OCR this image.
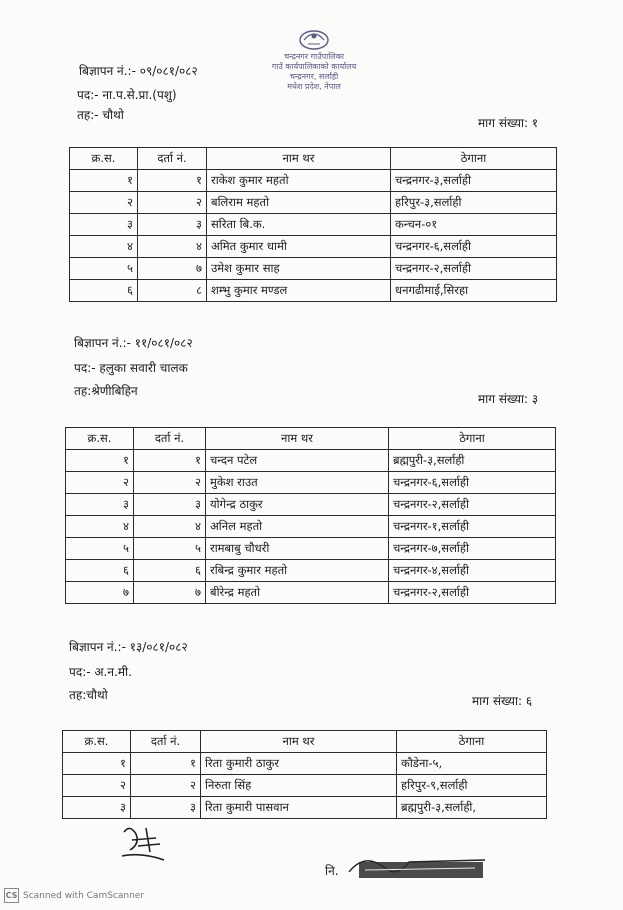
चन्द्रनगर गाउँपालिका
गाउँ कार्यपालिकाको कार्यालय
चन्द्रनगर, सर्लाही
मधेश प्रदेश, नेपाल
बिज्ञापन नं.:- ०९/०८१/०८२
पद:- ना.प.से.प्रा.(पशु)
तह:- चौथो
माग संख्या: १
क्र.स.	दर्ता नं.	नाम थर	ठेगाना
१	१	राकेश कुमार महतो	चन्द्रनगर-३,सर्लाही
२	२	बलिराम महतो	हरिपुर-३,सर्लाही
३	३	सरिता बि.क.	कन्चन-०१
४	४	अमित कुमार धामी	चन्द्रनगर-६,सर्लाही
५	७	उमेश कुमार साह	चन्द्रनगर-२,सर्लाही
६	८	शम्भु कुमार मण्डल	धनगढीमाई,सिरहा
बिज्ञापन नं.:- ११/०८१/०८२
पद:- हलुका सवारी चालक
तह:श्रेणीबिहिन
माग संख्या: ३
क्र.स.	दर्ता नं.	नाम थर	ठेगाना
१	१	चन्दन पटेल	ब्रह्मपुरी-३,सर्लाही
२	२	मुकेश राउत	चन्द्रनगर-६,सर्लाही
३	३	योगेन्द्र ठाकुर	चन्द्रनगर-२,सर्लाही
४	४	अनिल महतो	चन्द्रनगर-१,सर्लाही
५	५	रामबाबु चौधरी	चन्द्रनगर-७,सर्लाही
६	६	रबिन्द्र कुमार महतो	चन्द्रनगर-४,सर्लाही
७	७	बीरेन्द्र महतो	चन्द्रनगर-२,सर्लाही
बिज्ञापन नं.:- १३/०८१/०८२
पद:- अ.न.मी.
तह:चौथो	माग संख्या: ६
क्र.स.	दर्ता नं.	नाम थर	ठेगाना
१	१	रिता कुमारी ठाकुर	कौडेना-५,
२	२	निरुता सिंह	हरिपुर-९,सर्लाही
३	३	रिता कुमारी पासवान	ब्रह्मपुरी-३,सर्लाही,
नि.
CS Scanned with CamScanner
